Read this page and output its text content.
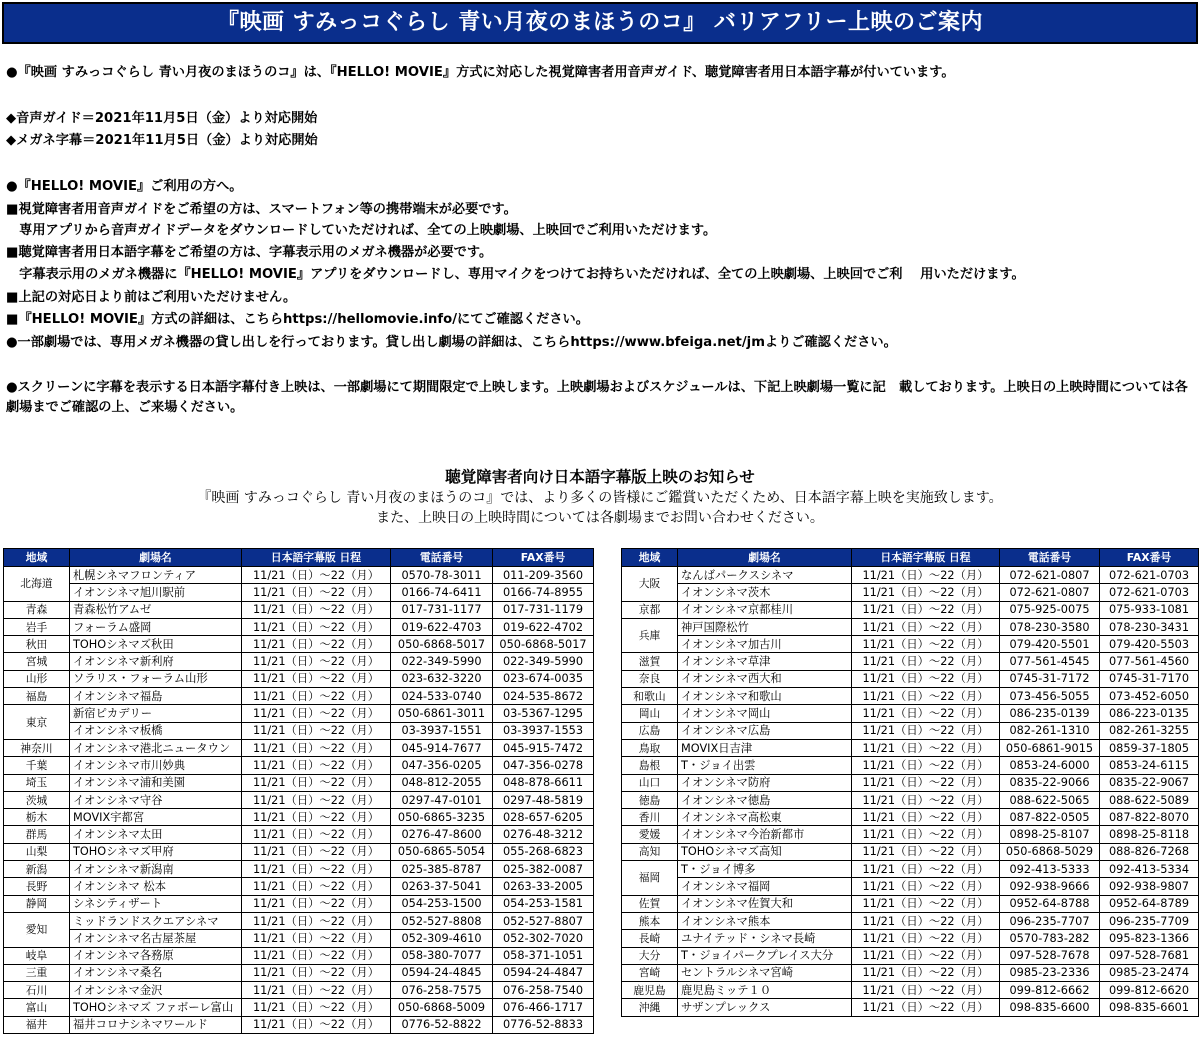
『映画 すみっコぐらし 青い月夜のまほうのコ』 バリアフリー上映のご案内
●『映画 すみっコぐらし 青い月夜のまほうのコ』は、『HELLO! MOVIE』方式に対応した視覚障害者用音声ガイド、聴覚障害者用日本語字幕が付いています。
◆音声ガイド＝2021年11月5日（金）より対応開始
◆メガネ字幕＝2021年11月5日（金）より対応開始
●『HELLO! MOVIE』ご利用の方へ。
■視覚障害者用音声ガイドをご希望の方は、スマートフォン等の携帯端末が必要です。
　専用アプリから音声ガイドデータをダウンロードしていただければ、全ての上映劇場、上映回でご利用いただけます。
■聴覚障害者用日本語字幕をご希望の方は、字幕表示用のメガネ機器が必要です。
　字幕表示用のメガネ機器に『HELLO! MOVIE』アプリをダウンロードし、専用マイクをつけてお持ちいただければ、全ての上映劇場、上映回でご利　 用いただけます。
■上記の対応日より前はご利用いただけません。
■『HELLO! MOVIE』方式の詳細は、こちらhttps://hellomovie.info/にてご確認ください。
●一部劇場では、専用メガネ機器の貸し出しを行っております。貸し出し劇場の詳細は、こちらhttps://www.bfeiga.net/jmよりご確認ください。
●スクリーンに字幕を表示する日本語字幕付き上映は、一部劇場にて期間限定で上映します。上映劇場およびスケジュールは、下記上映劇場一覧に記　載しております。上映日の上映時間については各劇場までご確認の上、ご来場ください。
聴覚障害者向け日本語字幕版上映のお知らせ
『映画 すみっコぐらし 青い月夜のまほうのコ』では、より多くの皆様にご鑑賞いただくため、日本語字幕上映を実施致します。
また、上映日の上映時間については各劇場までお問い合わせください。
地域	劇場名	日本語字幕版 日程	電話番号	FAX番号
北海道	札幌シネマフロンティア	11/21（日）～22（月）	0570-78-3011	011-209-3560
	イオンシネマ旭川駅前	11/21（日）～22（月）	0166-74-6411	0166-74-8955
青森	青森松竹アムゼ	11/21（日）～22（月）	017-731-1177	017-731-1179
岩手	フォーラム盛岡	11/21（日）～22（月）	019-622-4703	019-622-4702
秋田	TOHOシネマズ秋田	11/21（日）～22（月）	050-6868-5017	050-6868-5017
宮城	イオンシネマ新利府	11/21（日）～22（月）	022-349-5990	022-349-5990
山形	ソラリス・フォーラム山形	11/21（日）～22（月）	023-632-3220	023-674-0035
福島	イオンシネマ福島	11/21（日）～22（月）	024-533-0740	024-535-8672
東京	新宿ピカデリー	11/21（日）～22（月）	050-6861-3011	03-5367-1295
	イオンシネマ板橋	11/21（日）～22（月）	03-3937-1551	03-3937-1553
神奈川	イオンシネマ港北ニュータウン	11/21（日）～22（月）	045-914-7677	045-915-7472
千葉	イオンシネマ市川妙典	11/21（日）～22（月）	047-356-0205	047-356-0278
埼玉	イオンシネマ浦和美園	11/21（日）～22（月）	048-812-2055	048-878-6611
茨城	イオンシネマ守谷	11/21（日）～22（月）	0297-47-0101	0297-48-5819
栃木	MOVIX宇都宮	11/21（日）～22（月）	050-6865-3235	028-657-6205
群馬	イオンシネマ太田	11/21（日）～22（月）	0276-47-8600	0276-48-3212
山梨	TOHOシネマズ甲府	11/21（日）～22（月）	050-6865-5054	055-268-6823
新潟	イオンシネマ新潟南	11/21（日）～22（月）	025-385-8787	025-382-0087
長野	イオンシネマ 松本	11/21（日）～22（月）	0263-37-5041	0263-33-2005
静岡	シネシティザート	11/21（日）～22（月）	054-253-1500	054-253-1581
愛知	ミッドランドスクエアシネマ	11/21（日）～22（月）	052-527-8808	052-527-8807
	イオンシネマ名古屋茶屋	11/21（日）～22（月）	052-309-4610	052-302-7020
岐阜	イオンシネマ各務原	11/21（日）～22（月）	058-380-7077	058-371-1051
三重	イオンシネマ桑名	11/21（日）～22（月）	0594-24-4845	0594-24-4847
石川	イオンシネマ金沢	11/21（日）～22（月）	076-258-7575	076-258-7540
富山	TOHOシネマズ ファボーレ富山	11/21（日）～22（月）	050-6868-5009	076-466-1717
福井	福井コロナシネマワールド	11/21（日）～22（月）	0776-52-8822	0776-52-8833
地域	劇場名	日本語字幕版 日程	電話番号	FAX番号
大阪	なんばパークスシネマ	11/21（日）～22（月）	072-621-0807	072-621-0703
	イオンシネマ茨木	11/21（日）～22（月）	072-621-0807	072-621-0703
京都	イオンシネマ京都桂川	11/21（日）～22（月）	075-925-0075	075-933-1081
兵庫	神戸国際松竹	11/21（日）～22（月）	078-230-3580	078-230-3431
	イオンシネマ加古川	11/21（日）～22（月）	079-420-5501	079-420-5503
滋賀	イオンシネマ草津	11/21（日）～22（月）	077-561-4545	077-561-4560
奈良	イオンシネマ西大和	11/21（日）～22（月）	0745-31-7172	0745-31-7170
和歌山	イオンシネマ和歌山	11/21（日）～22（月）	073-456-5055	073-452-6050
岡山	イオンシネマ岡山	11/21（日）～22（月）	086-235-0139	086-223-0135
広島	イオンシネマ広島	11/21（日）～22（月）	082-261-1310	082-261-3255
鳥取	MOVIX日吉津	11/21（日）～22（月）	050-6861-9015	0859-37-1805
島根	T・ジョイ出雲	11/21（日）～22（月）	0853-24-6000	0853-24-6115
山口	イオンシネマ防府	11/21（日）～22（月）	0835-22-9066	0835-22-9067
徳島	イオンシネマ徳島	11/21（日）～22（月）	088-622-5065	088-622-5089
香川	イオンシネマ高松東	11/21（日）～22（月）	087-822-0505	087-822-8070
愛媛	イオンシネマ今治新都市	11/21（日）～22（月）	0898-25-8107	0898-25-8118
高知	TOHOシネマズ高知	11/21（日）～22（月）	050-6868-5029	088-826-7268
福岡	T・ジョイ博多	11/21（日）～22（月）	092-413-5333	092-413-5334
	イオンシネマ福岡	11/21（日）～22（月）	092-938-9666	092-938-9807
佐賀	イオンシネマ佐賀大和	11/21（日）～22（月）	0952-64-8788	0952-64-8789
熊本	イオンシネマ熊本	11/21（日）～22（月）	096-235-7707	096-235-7709
長崎	ユナイテッド・シネマ長崎	11/21（日）～22（月）	0570-783-282	095-823-1366
大分	T・ジョイパークプレイス大分	11/21（日）～22（月）	097-528-7678	097-528-7681
宮崎	セントラルシネマ宮崎	11/21（日）～22（月）	0985-23-2336	0985-23-2474
鹿児島	鹿児島ミッテ１０	11/21（日）～22（月）	099-812-6662	099-812-6620
沖縄	サザンプレックス	11/21（日）～22（月）	098-835-6600	098-835-6601
